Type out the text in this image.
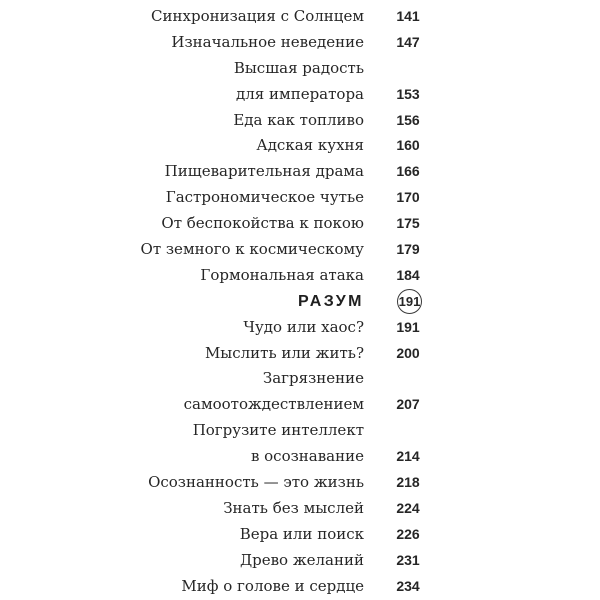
Синхронизация с Солнцем 141
Изначальное неведение 147
Высшая радость
для императора 153
Еда как топливо 156
Адская кухня 160
Пищеварительная драма 166
Гастрономическое чутье 170
От беспокойства к покою 175
От земного к космическому 179
Гормональная атака 184
РАЗУМ	191
Чудо или хаос? 191
Мыслить или жить? 200
Загрязнение
самоотождествлением 207
Погрузите интеллект
в осознавание 214
Осознанность — это жизнь 218
Знать без мыслей 224
Вера или поиск 226
Древо желаний 231
Миф о голове и сердце 234
